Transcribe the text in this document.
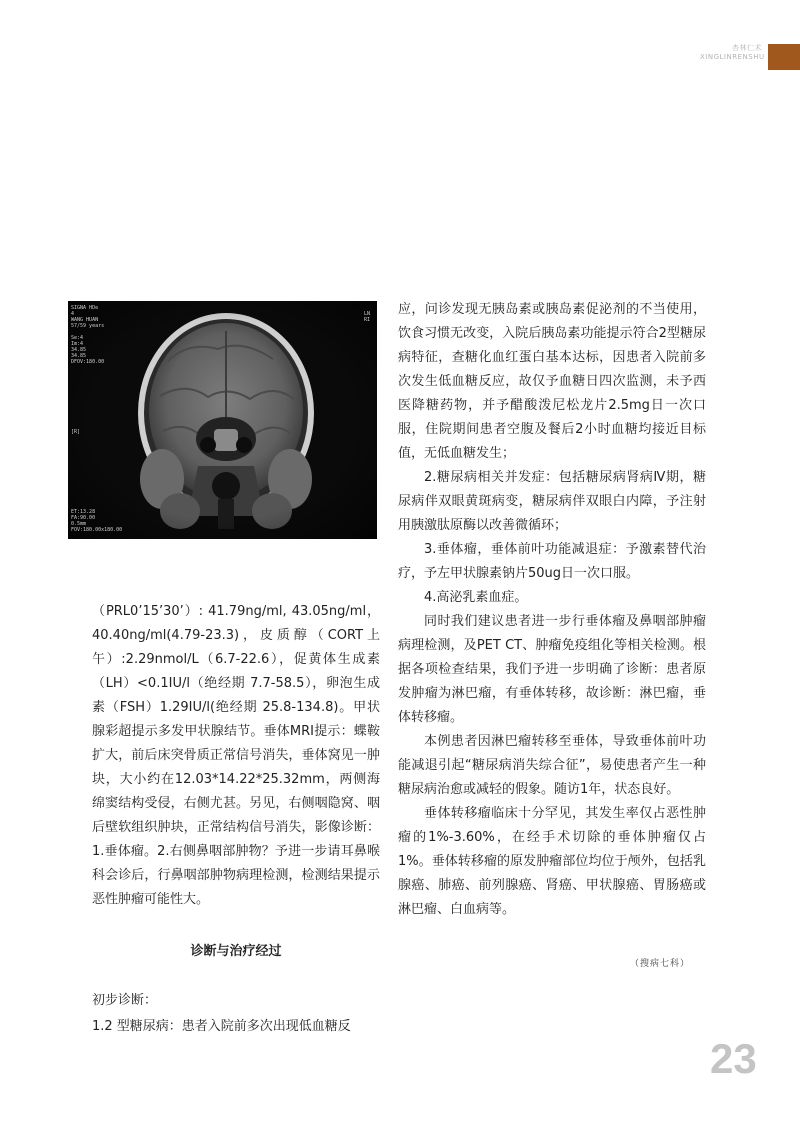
杏林仁术
XINGLINRENSHU
SIGNA HDe
4
WANG HUAN
57/59 years

Se:4
Im:4
34.85
34.85
DFOV:180.00
LN
RI
[R]
ET:13.28
FA:90.00
0.5mm
FOV:180.00x180.00

（PRL0’15’30’）: 41.79ng/ml, 43.05ng/ml，40.40ng/ml(4.79-23.3)，皮质醇（CORT上午）:2.29nmol/L（6.7-22.6），促黄体生成素（LH）<0.1IU/l（绝经期 7.7-58.5），卵泡生成素（FSH）1.29IU/l(绝经期 25.8-134.8)。甲状腺彩超提示多发甲状腺结节。垂体MRI提示：蝶鞍扩大，前后床突骨质正常信号消失，垂体窝见一肿块，大小约在12.03*14.22*25.32mm，两侧海绵窦结构受侵，右侧尤甚。另见，右侧咽隐窝、咽后壁软组织肿块，正常结构信号消失，影像诊断：1.垂体瘤。2.右侧鼻咽部肿物？予进一步请耳鼻喉科会诊后，行鼻咽部肿物病理检测，检测结果提示恶性肿瘤可能性大。

诊断与治疗经过

初步诊断：

1.2 型糖尿病：患者入院前多次出现低血糖反

应，问诊发现无胰岛素或胰岛素促泌剂的不当使用，饮食习惯无改变，入院后胰岛素功能提示符合2型糖尿病特征，查糖化血红蛋白基本达标，因患者入院前多次发生低血糖反应，故仅予血糖日四次监测，未予西医降糖药物，并予醋酸泼尼松龙片2.5mg日一次口服，住院期间患者空腹及餐后2小时血糖均接近目标值，无低血糖发生；

2.糖尿病相关并发症：包括糖尿病肾病Ⅳ期，糖尿病伴双眼黄斑病变，糖尿病伴双眼白内障，予注射用胰激肽原酶以改善微循环；

3.垂体瘤，垂体前叶功能减退症：予激素替代治疗，予左甲状腺素钠片50ug日一次口服。

4.高泌乳素血症。

同时我们建议患者进一步行垂体瘤及鼻咽部肿瘤病理检测，及PET CT、肿瘤免疫组化等相关检测。根据各项检查结果，我们予进一步明确了诊断：患者原发肿瘤为淋巴瘤，有垂体转移，故诊断：淋巴瘤，垂体转移瘤。

本例患者因淋巴瘤转移至垂体，导致垂体前叶功能减退引起“糖尿病消失综合征”，易使患者产生一种糖尿病治愈或减轻的假象。随访1年，状态良好。

垂体转移瘤临床十分罕见，其发生率仅占恶性肿瘤的1%-3.60%，在经手术切除的垂体肿瘤仅占1%。垂体转移瘤的原发肿瘤部位均位于颅外，包括乳腺癌、肺癌、前列腺癌、肾癌、甲状腺癌、胃肠癌或淋巴瘤、白血病等。

（搜病七科）
23
